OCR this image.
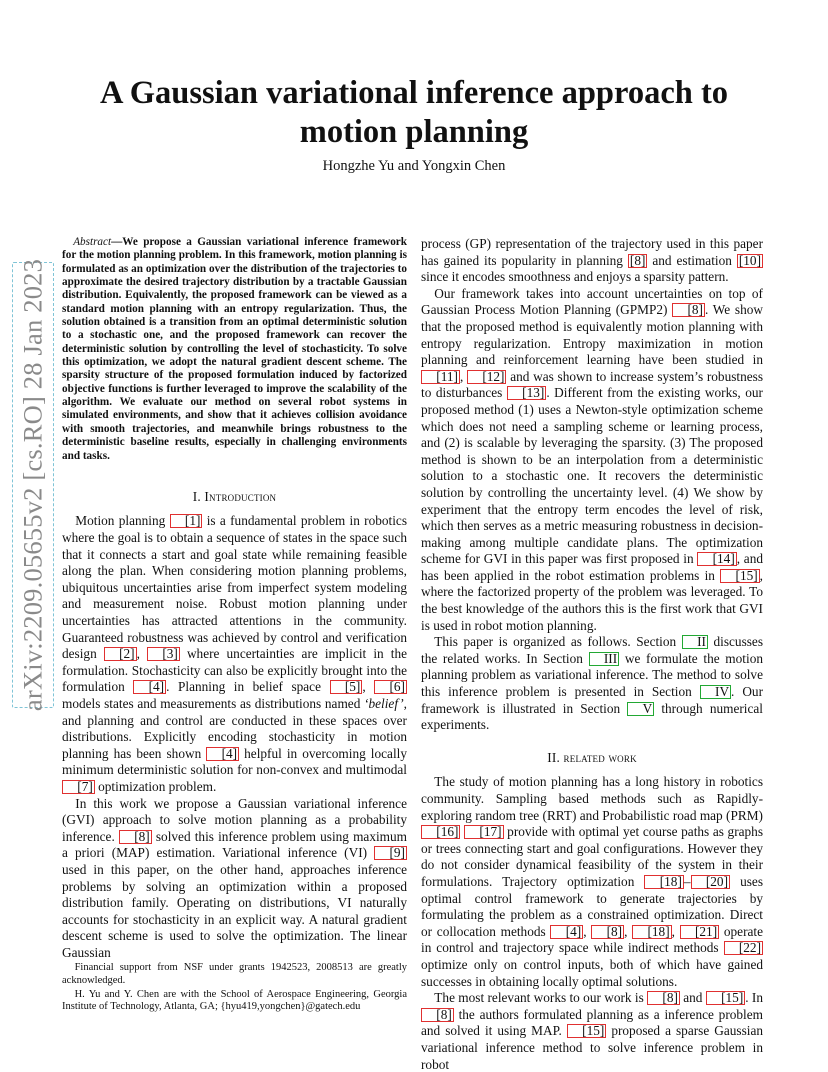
arXiv:2209.05655v2 [cs.RO] 28 Jan 2023
A Gaussian variational inference approach to motion planning
Hongzhe Yu and Yongxin Chen

Abstract—We propose a Gaussian variational inference framework for the motion planning problem. In this framework, motion planning is formulated as an optimization over the distribution of the trajectories to approximate the desired trajectory distribution by a tractable Gaussian distribution. Equivalently, the proposed framework can be viewed as a standard motion planning with an entropy regularization. Thus, the solution obtained is a transition from an optimal deterministic solution to a stochastic one, and the proposed framework can recover the deterministic solution by controlling the level of stochasticity. To solve this optimization, we adopt the natural gradient descent scheme. The sparsity structure of the proposed formulation induced by factorized objective functions is further leveraged to improve the scalability of the algorithm. We evaluate our method on several robot systems in simulated environments, and show that it achieves collision avoidance with smooth trajectories, and meanwhile brings robustness to the deterministic baseline results, especially in challenging environments and tasks.

I. Introduction

Motion planning [1] is a fundamental problem in robotics where the goal is to obtain a sequence of states in the space such that it connects a start and goal state while remaining feasible along the plan. When considering motion planning problems, ubiquitous uncertainties arise from imperfect system modeling and measurement noise. Robust motion planning under uncertainties has attracted attentions in the community. Guaranteed robustness was achieved by control and verification design [2] , [3] where uncertainties are implicit in the formulation. Stochasticity can also be explicitly brought into the formulation [4] . Planning in belief space [5] , [6] models states and measurements as distributions named ‘belief’, and planning and control are conducted in these spaces over distributions. Explicitly encoding stochasticity in motion planning has been shown [4] helpful in overcoming locally minimum deterministic solution for non-convex and multimodal [7] optimization problem.

In this work we propose a Gaussian variational inference (GVI) approach to solve motion planning as a probability inference. [8] solved this inference problem using maximum a priori (MAP) estimation. Variational inference (VI) [9] used in this paper, on the other hand, approaches inference problems by solving an optimization within a proposed distribution family. Operating on distributions, VI naturally accounts for stochasticity in an explicit way. A natural gradient descent scheme is used to solve the optimization. The linear Gaussian

Financial support from NSF under grants 1942523, 2008513 are greatly acknowledged.

H. Yu and Y. Chen are with the School of Aerospace Engineering, Georgia Institute of Technology, Atlanta, GA; {hyu419,yongchen}@gatech.edu

process (GP) representation of the trajectory used in this paper has gained its popularity in planning [8] and estimation [10] since it encodes smoothness and enjoys a sparsity pattern.

Our framework takes into account uncertainties on top of Gaussian Process Motion Planning (GPMP2) [8] . We show that the proposed method is equivalently motion planning with entropy regularization. Entropy maximization in motion planning and reinforcement learning have been studied in [11] , [12] and was shown to increase system’s robustness to disturbances [13] . Different from the existing works, our proposed method (1) uses a Newton-style optimization scheme which does not need a sampling scheme or learning process, and (2) is scalable by leveraging the sparsity. (3) The proposed method is shown to be an interpolation from a deterministic solution to a stochastic one. It recovers the deterministic solution by controlling the uncertainty level. (4) We show by experiment that the entropy term encodes the level of risk, which then serves as a metric measuring robustness in decision-making among multiple candidate plans. The optimization scheme for GVI in this paper was first proposed in [14] , and has been applied in the robot estimation problems in [15] , where the factorized property of the problem was leveraged. To the best knowledge of the authors this is the first work that GVI is used in robot motion planning.

This paper is organized as follows. Section II discusses the related works. In Section III we formulate the motion planning problem as variational inference. The method to solve this inference problem is presented in Section IV . Our framework is illustrated in Section V through numerical experiments.

II. related work

The study of motion planning has a long history in robotics community. Sampling based methods such as Rapidly-exploring random tree (RRT) and Probabilistic road map (PRM) [16] [17] provide with optimal yet course paths as graphs or trees connecting start and goal configurations. However they do not consider dynamical feasibility of the system in their formulations. Trajectory optimization [18] – [20] uses optimal control framework to generate trajectories by formulating the problem as a constrained optimization. Direct or collocation methods [4] , [8] , [18] , [21] operate in control and trajectory space while indirect methods [22] optimize only on control inputs, both of which have gained successes in obtaining locally optimal solutions.

The most relevant works to our work is [8] and [15] . In [8] the authors formulated planning as a inference problem and solved it using MAP. [15] proposed a sparse Gaussian variational inference method to solve inference problem in robot
